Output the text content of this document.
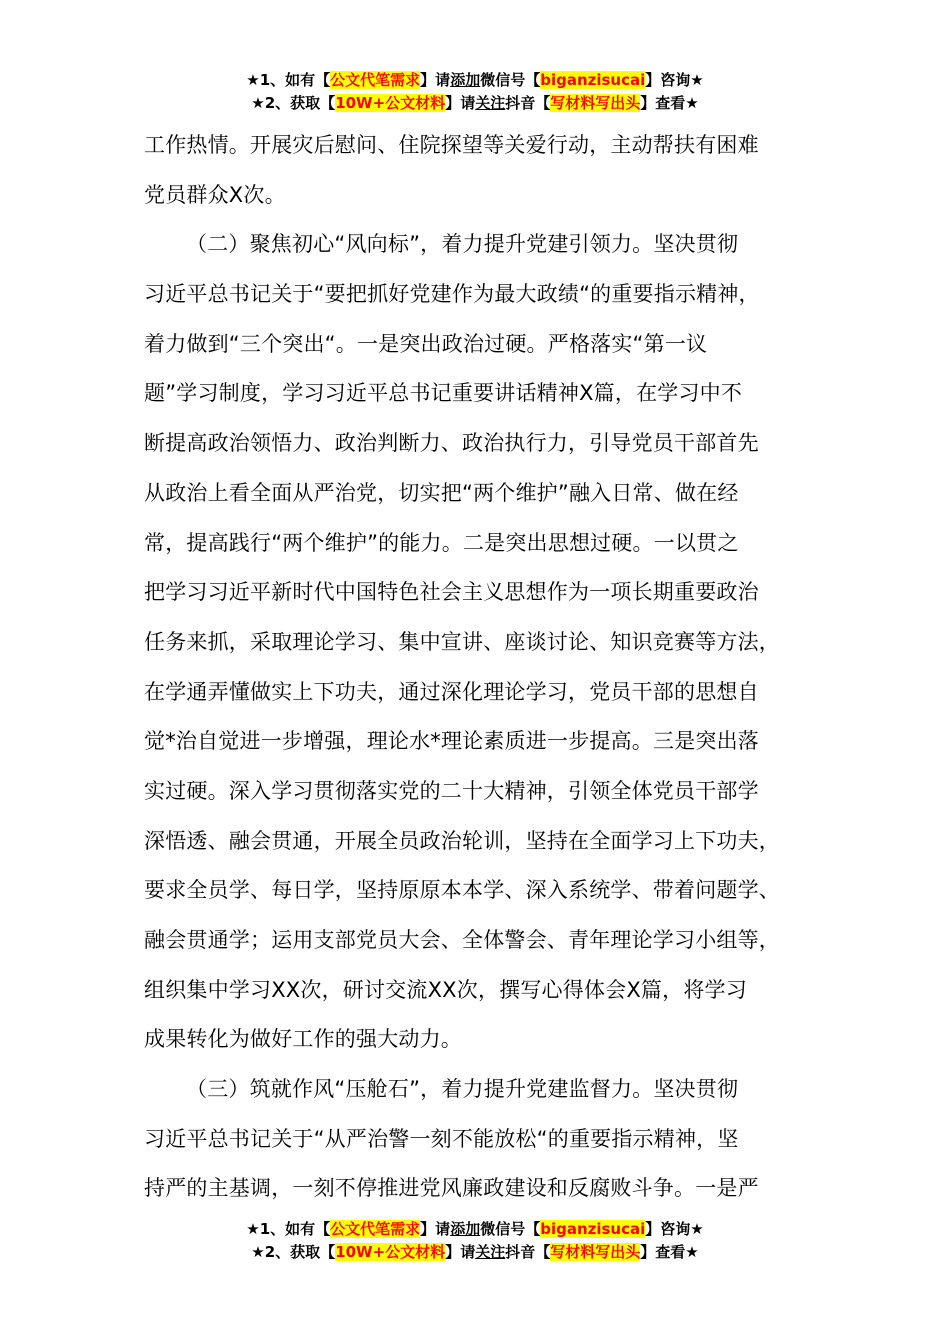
★1、如有【公文代笔需求】请添加微信号【biganzisucai】咨询★
★2、获取【10W+公文材料】请关注抖音【写材料写出头】查看★
工作热情。开展灾后慰问、住院探望等关爱行动，主动帮扶有困难
党员群众X次。
（二）聚焦初心“风向标”，着力提升党建引领力。坚决贯彻
习近平总书记关于“要把抓好党建作为最大政绩“的重要指示精神，
着力做到“三个突出“。一是突出政治过硬。严格落实“第一议
题”学习制度，学习习近平总书记重要讲话精神X篇，在学习中不
断提高政治领悟力、政治判断力、政治执行力，引导党员干部首先
从政治上看全面从严治党，切实把“两个维护”融入日常、做在经
常，提高践行“两个维护”的能力。二是突出思想过硬。一以贯之
把学习习近平新时代中国特色社会主义思想作为一项长期重要政治
任务来抓，采取理论学习、集中宣讲、座谈讨论、知识竞赛等方法，
在学通弄懂做实上下功夫，通过深化理论学习，党员干部的思想自
觉*治自觉进一步增强，理论水*理论素质进一步提高。三是突出落
实过硬。深入学习贯彻落实党的二十大精神，引领全体党员干部学
深悟透、融会贯通，开展全员政治轮训，坚持在全面学习上下功夫，
要求全员学、每日学，坚持原原本本学、深入系统学、带着问题学、
融会贯通学；运用支部党员大会、全体警会、青年理论学习小组等，
组织集中学习XX次，研讨交流XX次，撰写心得体会X篇，将学习
成果转化为做好工作的强大动力。
（三）筑就作风“压舱石”，着力提升党建监督力。坚决贯彻
习近平总书记关于“从严治警一刻不能放松“的重要指示精神，坚
持严的主基调，一刻不停推进党风廉政建设和反腐败斗争。一是严
★1、如有【公文代笔需求】请添加微信号【biganzisucai】咨询★
★2、获取【10W+公文材料】请关注抖音【写材料写出头】查看★
